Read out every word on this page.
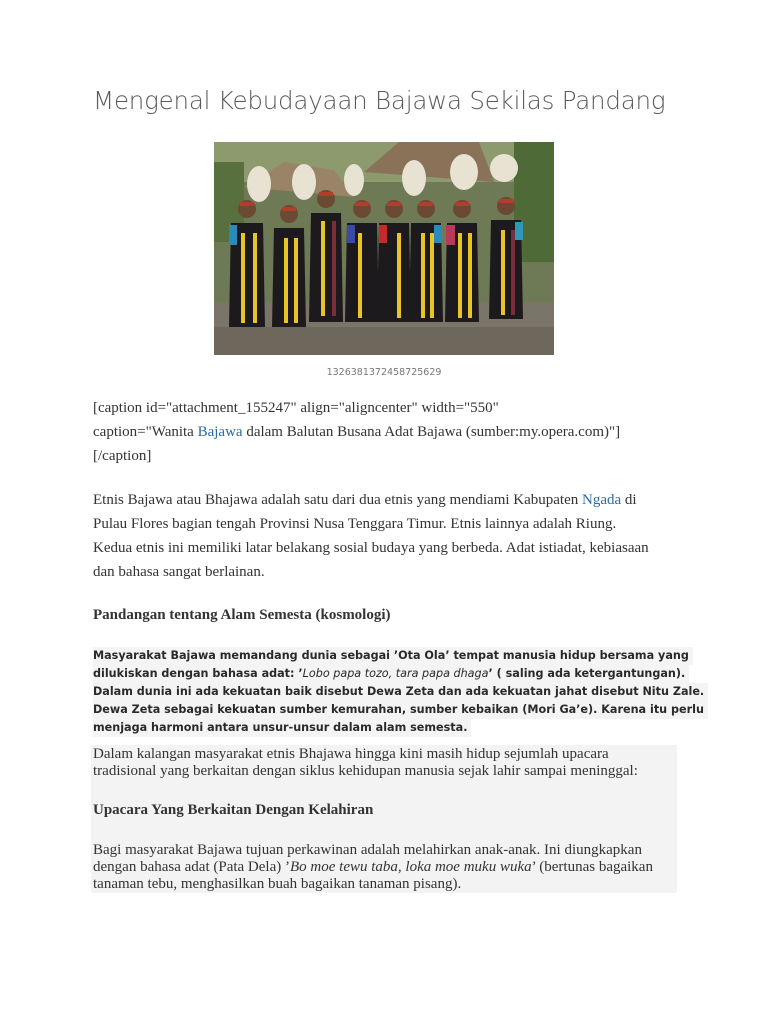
Mengenal Kebudayaan Bajawa Sekilas Pandang
1326381372458725629
[caption id="attachment_155247" align="aligncenter" width="550"
caption="Wanita Bajawa dalam Balutan Busana Adat Bajawa (sumber:my.opera.com)"]
[/caption]
Etnis Bajawa atau Bhajawa adalah satu dari dua etnis yang mendiami Kabupaten Ngada di
Pulau Flores bagian tengah Provinsi Nusa Tenggara Timur. Etnis lainnya adalah Riung.
Kedua etnis ini memiliki latar belakang sosial budaya yang berbeda. Adat istiadat, kebiasaan
dan bahasa sangat berlainan.
Pandangan tentang Alam Semesta (kosmologi)
Masyarakat Bajawa memandang dunia sebagai ’Ota Ola’ tempat manusia hidup bersama yang
dilukiskan dengan bahasa adat: ’Lobo papa tozo, tara papa dhaga’ ( saling ada ketergantungan).
Dalam dunia ini ada kekuatan baik disebut Dewa Zeta dan ada kekuatan jahat disebut Nitu Zale.
Dewa Zeta sebagai kekuatan sumber kemurahan, sumber kebaikan (Mori Ga’e). Karena itu perlu
menjaga harmoni antara unsur-unsur dalam alam semesta.
Dalam kalangan masyarakat etnis Bhajawa hingga kini masih hidup sejumlah upacara
tradisional yang berkaitan dengan siklus kehidupan manusia sejak lahir sampai meninggal:
Upacara Yang Berkaitan Dengan Kelahiran
Bagi masyarakat Bajawa tujuan perkawinan adalah melahirkan anak-anak. Ini diungkapkan
dengan bahasa adat (Pata Dela) ’Bo moe tewu taba, loka moe muku wuka’ (bertunas bagaikan
tanaman tebu, menghasilkan buah bagaikan tanaman pisang).
